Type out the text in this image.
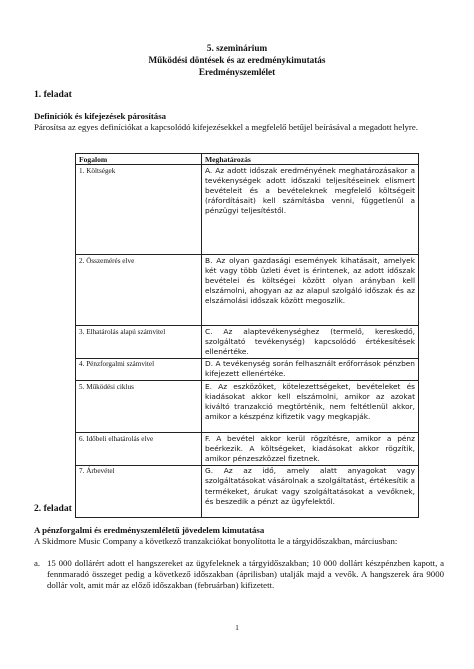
5. szeminárium
Működési döntések és az eredménykimutatás
Eredményszemlélet
1. feladat
Definíciók és kifejezések párosítása
Párosítsa az egyes definíciókat a kapcsolódó kifejezésekkel a megfelelő betűjel beírásával a megadott helyre.
Fogalom	Meghatározás
1. Költségek	A. Az adott időszak eredményének meghatározásakor a tevékenységek adott időszaki teljesítéseinek elismert bevételeit és a bevételeknek megfelelő költségeit (ráfordításait) kell számításba venni, függetlenül a pénzügyi teljesítéstől.
2. Összemérés elve	B. Az olyan gazdasági események kihatásait, amelyek két vagy több üzleti évet is érintenek, az adott időszak bevételei és költségei között olyan arányban kell elszámolni, ahogyan az az alapul szolgáló időszak és az elszámolási időszak között megoszlik.
3. Elhatárolás alapú számvitel	C. Az alaptevékenységhez (termelő, kereskedő, szolgáltató tevékenység) kapcsolódó értékesítések ellenértéke.
4. Pénzforgalmi számvitel	D. A tevékenység során felhasznált erőforrások pénzben kifejezett ellenértéke.
5. Működési ciklus	E. Az eszközöket, kötelezettségeket, bevételeket és kiadásokat akkor kell elszámolni, amikor az azokat kiváltó tranzakció megtörténik, nem feltétlenül akkor, amikor a készpénz kifizetik vagy megkapják.
6. Időbeli elhatárolás elve	F. A bevétel akkor kerül rögzítésre, amikor a pénz beérkezik. A költségeket, kiadásokat akkor rögzítik, amikor pénzeszközzel fizetnek.
7. Árbevétel	G. Az az idő, amely alatt anyagokat vagy szolgáltatásokat vásárolnak a szolgáltatást, értékesítik a termékeket, árukat vagy szolgáltatásokat a vevőknek, és beszedik a pénzt az ügyfelektől.
2. feladat
A pénzforgalmi és eredményszemléletű jövedelem kimutatása
A Skidmore Music Company a következő tranzakciókat bonyolította le a tárgyidőszakban, márciusban:
a. 15 000 dollárért adott el hangszereket az ügyfeleknek a tárgyidőszakban; 10 000 dollárt készpénzben kapott, a fennmaradó összeget pedig a következő időszakban (áprilisban) utalják majd a vevők. A hangszerek ára 9000 dollár volt, amit már az előző időszakban (februárban) kifizetett.
1
